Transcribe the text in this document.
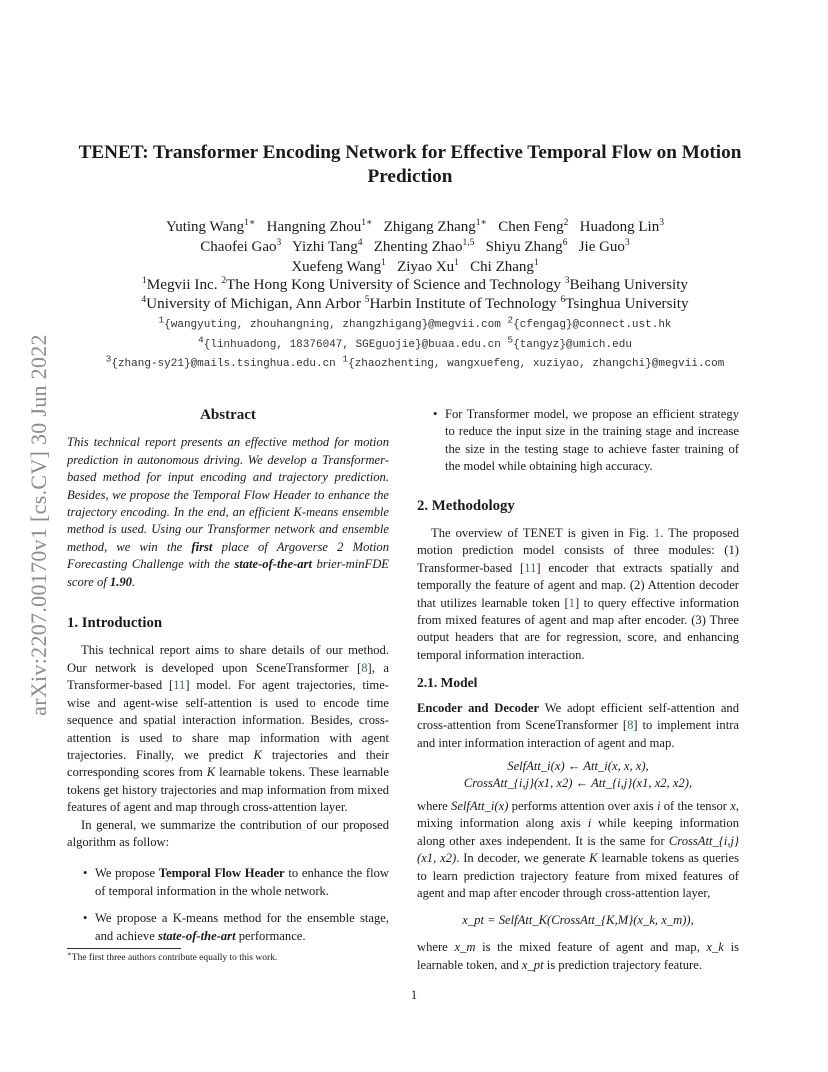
arXiv:2207.00170v1 [cs.CV] 30 Jun 2022
TENET: Transformer Encoding Network for Effective Temporal Flow on Motion Prediction
Yuting Wang$^{1∗}$  Hangning Zhou$^{1∗}$  Zhigang Zhang$^{1∗}$  Chen Feng$^2$  Huadong Lin$^3$
Chaofei Gao$^3$  Yizhi Tang$^4$  Zhenting Zhao$^{1,5}$  Shiyu Zhang$^6$  Jie Guo$^3$
Xuefeng Wang$^1$  Ziyao Xu$^1$  Chi Zhang$^1$
$^1$Megvii Inc. $^2$The Hong Kong University of Science and Technology $^3$Beihang University
$^4$University of Michigan, Ann Arbor $^5$Harbin Institute of Technology $^6$Tsinghua University
$^1${wangyuting, zhouhangning, zhangzhigang}@megvii.com $^2${cfengag}@connect.ust.hk
$^4${linhuadong, 18376047, SGEguojie}@buaa.edu.cn $^5${tangyz}@umich.edu
$^3${zhang-sy21}@mails.tsinghua.edu.cn $^1${zhaozhenting, wangxuefeng, xuziyao, zhangchi}@megvii.com
Abstract
This technical report presents an effective method for motion prediction in autonomous driving. We develop a Transformer-based method for input encoding and trajectory prediction. Besides, we propose the Temporal Flow Header to enhance the trajectory encoding. In the end, an efficient K-means ensemble method is used. Using our Transformer network and ensemble method, we win the first place of Argoverse 2 Motion Forecasting Challenge with the state-of-the-art brier-minFDE score of 1.90.
1. Introduction
This technical report aims to share details of our method. Our network is developed upon SceneTransformer [8], a Transformer-based [11] model. For agent trajectories, time-wise and agent-wise self-attention is used to encode time sequence and spatial interaction information. Besides, cross-attention is used to share map information with agent trajectories. Finally, we predict K trajectories and their corresponding scores from K learnable tokens. These learnable tokens get history trajectories and map information from mixed features of agent and map through cross-attention layer.
In general, we summarize the contribution of our proposed algorithm as follow:
• We propose Temporal Flow Header to enhance the flow of temporal information in the whole network.
• We propose a K-means method for the ensemble stage, and achieve state-of-the-art performance.
∗The first three authors contribute equally to this work.
• For Transformer model, we propose an efficient strategy to reduce the input size in the training stage and increase the size in the testing stage to achieve faster training of the model while obtaining high accuracy.
2. Methodology
The overview of TENET is given in Fig. 1. The proposed motion prediction model consists of three modules: (1) Transformer-based [11] encoder that extracts spatially and temporally the feature of agent and map. (2) Attention decoder that utilizes learnable token [1] to query effective information from mixed features of agent and map after encoder. (3) Three output headers that are for regression, score, and enhancing temporal information interaction.
2.1. Model
Encoder and Decoder We adopt efficient self-attention and cross-attention from SceneTransformer [8] to implement intra and inter information interaction of agent and map.
SelfAtt_i(x) ← Att_i(x, x, x),
CrossAtt_{i,j}(x1, x2) ← Att_{i,j}(x1, x2, x2),
where SelfAtt_i(x) performs attention over axis i of the tensor x, mixing information along axis i while keeping information along other axes independent. It is the same for CrossAtt_{i,j}(x1, x2). In decoder, we generate K learnable tokens as queries to learn prediction trajectory feature from mixed features of agent and map after encoder through cross-attention layer,
x_pt = SelfAtt_K(CrossAtt_{K,M}(x_k, x_m)),
where x_m is the mixed feature of agent and map, x_k is learnable token, and x_pt is prediction trajectory feature.
1
